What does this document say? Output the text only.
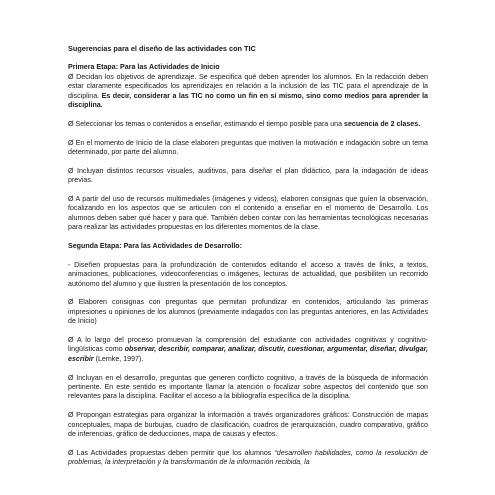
Sugerencias para el diseño de las actividades con TIC
Primera Etapa: Para las Actividades de Inicio

Ø Decidan los objetivos de aprendizaje. Se especifica qué deben aprender los alumnos. En la redacción deben estar claramente especificados los aprendizajes en relación a la inclusión de las TIC para el aprendizaje de la disciplina. Es decir, considerar a las TIC no como un fin en sí mismo, sino como medios para aprender la disciplina.

Ø Seleccionar los temas o contenidos a enseñar, estimando el tiempo posible para una secuencia de 2 clases.

Ø En el momento de Inicio de la clase elaboren preguntas que motiven la motivación e indagación sobre un tema determinado, por parte del alumno.

Ø Incluyan distintos recursos visuales, auditivos, para diseñar el plan didáctico, para la indagación de ideas previas.

Ø A partir del uso de recursos multimediales (imágenes y videos), elaboren consignas que guíen la observación, focalizando en los aspectos que se articulen con el contenido a enseñar en el momento de Desarrollo. Los alumnos deben saber qué hacer y para qué. También deben contar con las herramientas tecnológicas necesarias para realizar las actividades propuestas en los diferentes momentos de la clase.

Segunda Etapa: Para las Actividades de Desarrollo:

- Diseñen propuestas para la profundización de contenidos editando el acceso a través de links, a textos, animaciones, publicaciones, videoconferencias o imágenes, lecturas de actualidad, que posibiliten un recorrido autónomo del alumno y que ilustren la presentación de los conceptos.

Ø Elaboren consignas con preguntas que permitan profundizar en contenidos, articulando las primeras impresiones u opiniones de los alumnos (previamente indagados con las preguntas anteriores, en las Actividades de Inicio)

Ø A lo largo del proceso promuevan la comprensión del estudiante con actividades cognitivas y cognitivo-lingüísticas como observar, describir, comparar, analizar, discutir, cuestionar, argumentar, diseñar, divulgar, escribir (Lemke, 1997).

Ø Incluyan en el desarrollo, preguntas que generen conflicto cognitivo, a través de la búsqueda de información pertinente. En este sentido es importante llamar la atención o focalizar sobre aspectos del contenido que son relevantes para la disciplina. Facilitar el acceso a la bibliografía específica de la disciplina.

Ø Propongan estrategias para organizar la información a través organizadores gráficos: Construcción de mapas conceptuales, mapa de burbujas, cuadro de clasificación, cuadros de jerarquización, cuadro comparativo, gráfico de inferencias, gráfico de deducciones, mapa de causas y efectos.

Ø Las Actividades propuestas deben permitir que los alumnos “desarrollen habilidades, como la resolución de problemas, la interpretación y la transformación de la información recibida, la
